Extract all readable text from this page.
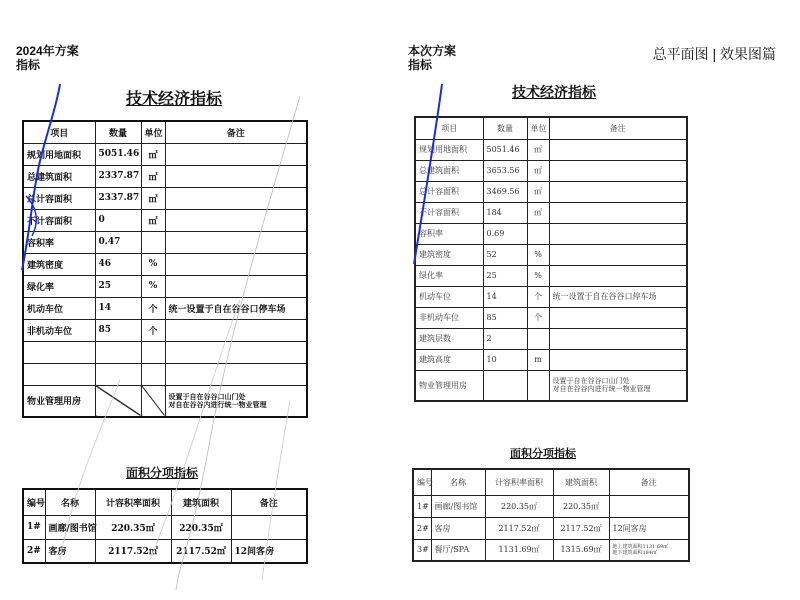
2024年方案
指标
本次方案
指标
总平面图 | 效果图篇
技术经济指标
项目	数量	单位	备注
规划用地面积	5051.46	㎡	
总建筑面积	2337.87	㎡	
总计容面积	2337.87	㎡	
不计容面积	0	㎡	
容积率	0.47		
建筑密度	46	%	
绿化率	25	%	
机动车位	14	个	统一设置于自在谷谷口停车场
非机动车位	85	个	

物业管理用房			设置于自在谷谷口山门处
对自在谷谷内进行统一物业管理
面积分项指标
编号	名称	计容积率面积	建筑面积	备注
1#	画廊/图书馆	220.35㎡	220.35㎡	
2#	客房	2117.52㎡	2117.52㎡	12间客房
技术经济指标
项目	数量	单位	备注
规划用地面积	5051.46	㎡	
总建筑面积	3653.56	㎡	
总计容面积	3469.56	㎡	
不计容面积	184	㎡	
容积率	0.69		
建筑密度	52	%	
绿化率	25	%	
机动车位	14	个	统一设置于自在谷谷口停车场
非机动车位	85	个	
建筑层数	2		
建筑高度	10	m	
物业管理用房			设置于自在谷谷口山门处
对自在谷谷内进行统一物业管理
面积分项指标
编号	名称	计容积率面积	建筑面积	备注
1#	画廊/图书馆	220.35㎡	220.35㎡	
2#	客房	2117.52㎡	2117.52㎡	12间客房
3#	餐厅/SPA	1131.69㎡	1315.69㎡	地上建筑面积1131.69㎡
地下建筑面积184㎡
